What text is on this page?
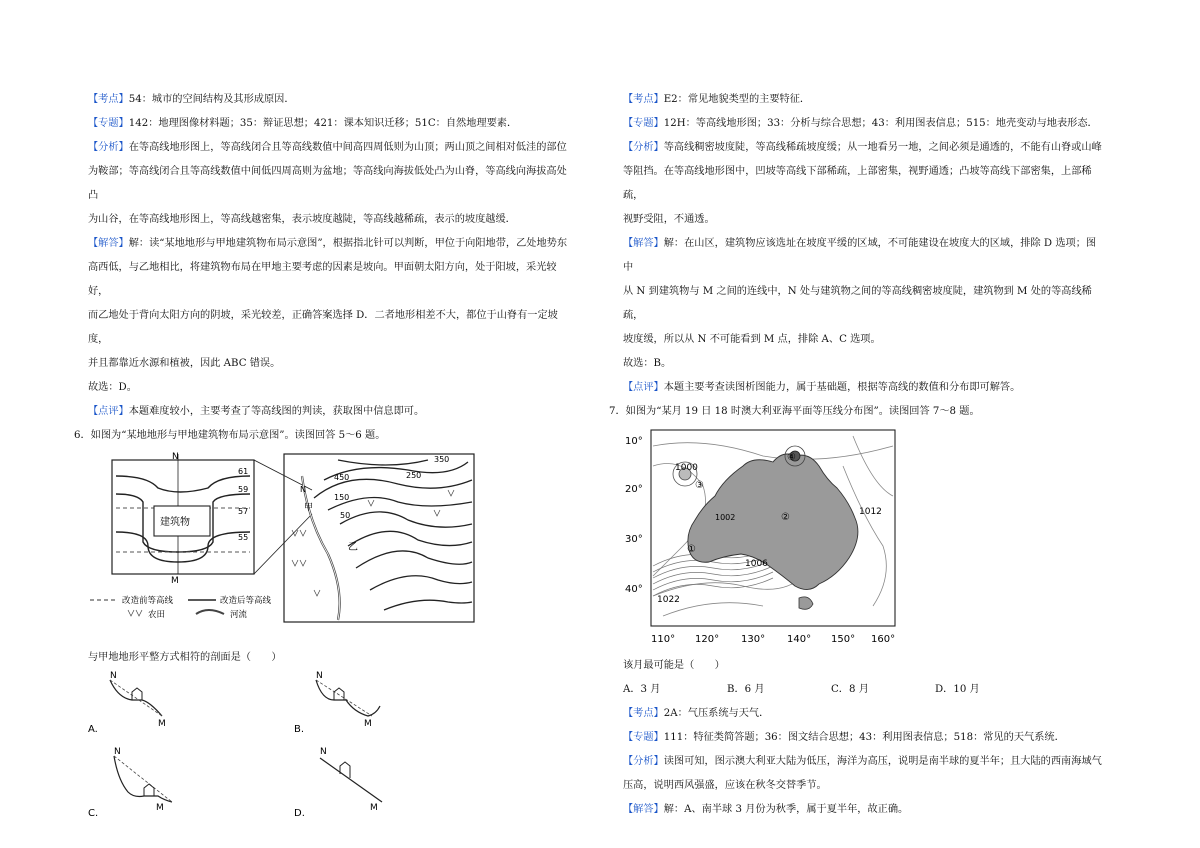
【考点】54：城市的空间结构及其形成原因．

【专题】142：地理图像材料题；35：辩证思想；421：课本知识迁移；51C：自然地理要素．

【分析】在等高线地形图上，等高线闭合且等高线数值中间高四周低则为山顶；两山顶之间相对低洼的部位

为鞍部；等高线闭合且等高线数值中间低四周高则为盆地；等高线向海拔低处凸为山脊，等高线向海拔高处凸

为山谷，在等高线地形图上，等高线越密集，表示坡度越陡，等高线越稀疏，表示的坡度越缓．

【解答】解：读“某地地形与甲地建筑物布局示意图”，根据指北针可以判断，甲位于向阳地带，乙处地势东

高西低，与乙地相比，将建筑物布局在甲地主要考虑的因素是坡向。甲面朝太阳方向，处于阳坡，采光较好，

而乙地处于背向太阳方向的阴坡，采光较差，正确答案选择 D．二者地形相差不大，都位于山脊有一定坡度，

并且都靠近水源和植被，因此 ABC 错误。

故选：D。

【点评】本题难度较小，主要考查了等高线图的判读，获取图中信息即可。

6．如图为“某地地形与甲地建筑物布局示意图”。读图回答 5～6 题。

N
61
59
57
55
建筑物
M
350
450	250
150
50
N
甲
乙
改造前等高线	改造后等高线
农田	河流

与甲地地形平整方式相符的剖面是（　　）

A.
N
M	B.
N
M
C.
N
M	D.
N
M

【考点】E2：常见地貌类型的主要特征．

【专题】12H：等高线地形图；33：分析与综合思想；43：利用图表信息；515：地壳变动与地表形态．

【分析】等高线稠密坡度陡，等高线稀疏坡度缓；从一地看另一地，之间必须是通透的，不能有山脊或山峰

等阻挡。在等高线地形图中，凹坡等高线下部稀疏，上部密集，视野通透；凸坡等高线下部密集，上部稀疏，

视野受阻，不通透。

【解答】解：在山区，建筑物应该选址在坡度平缓的区域，不可能建设在坡度大的区域，排除 D 选项；图中

从 N 到建筑物与 M 之间的连线中，N 处与建筑物之间的等高线稠密坡度陡，建筑物到 M 处的等高线稀疏，

坡度缓，所以从 N 不可能看到 M 点，排除 A、C 选项。

故选：B。

【点评】本题主要考查读图析图能力，属于基础题，根据等高线的数值和分布即可解答。

7．如图为“某月 19 日 18 时澳大利亚海平面等压线分布图”。读图回答 7～8 题。

10°
20°
30°
40°
110° 120° 130° 140° 150° 160°
1000
1002
1012
1006
1022
①
②
③
④

该月最可能是（　　）

A．3 月	B．6 月	C．8 月	D．10 月

【考点】2A：气压系统与天气．

【专题】111：特征类简答题；36：图文结合思想；43：利用图表信息；518：常见的天气系统．

【分析】读图可知，图示澳大利亚大陆为低压，海洋为高压，说明是南半球的夏半年；且大陆的西南海域气

压高，说明西风强盛，应该在秋冬交替季节。

【解答】解：A、南半球 3 月份为秋季，属于夏半年，故正确。
